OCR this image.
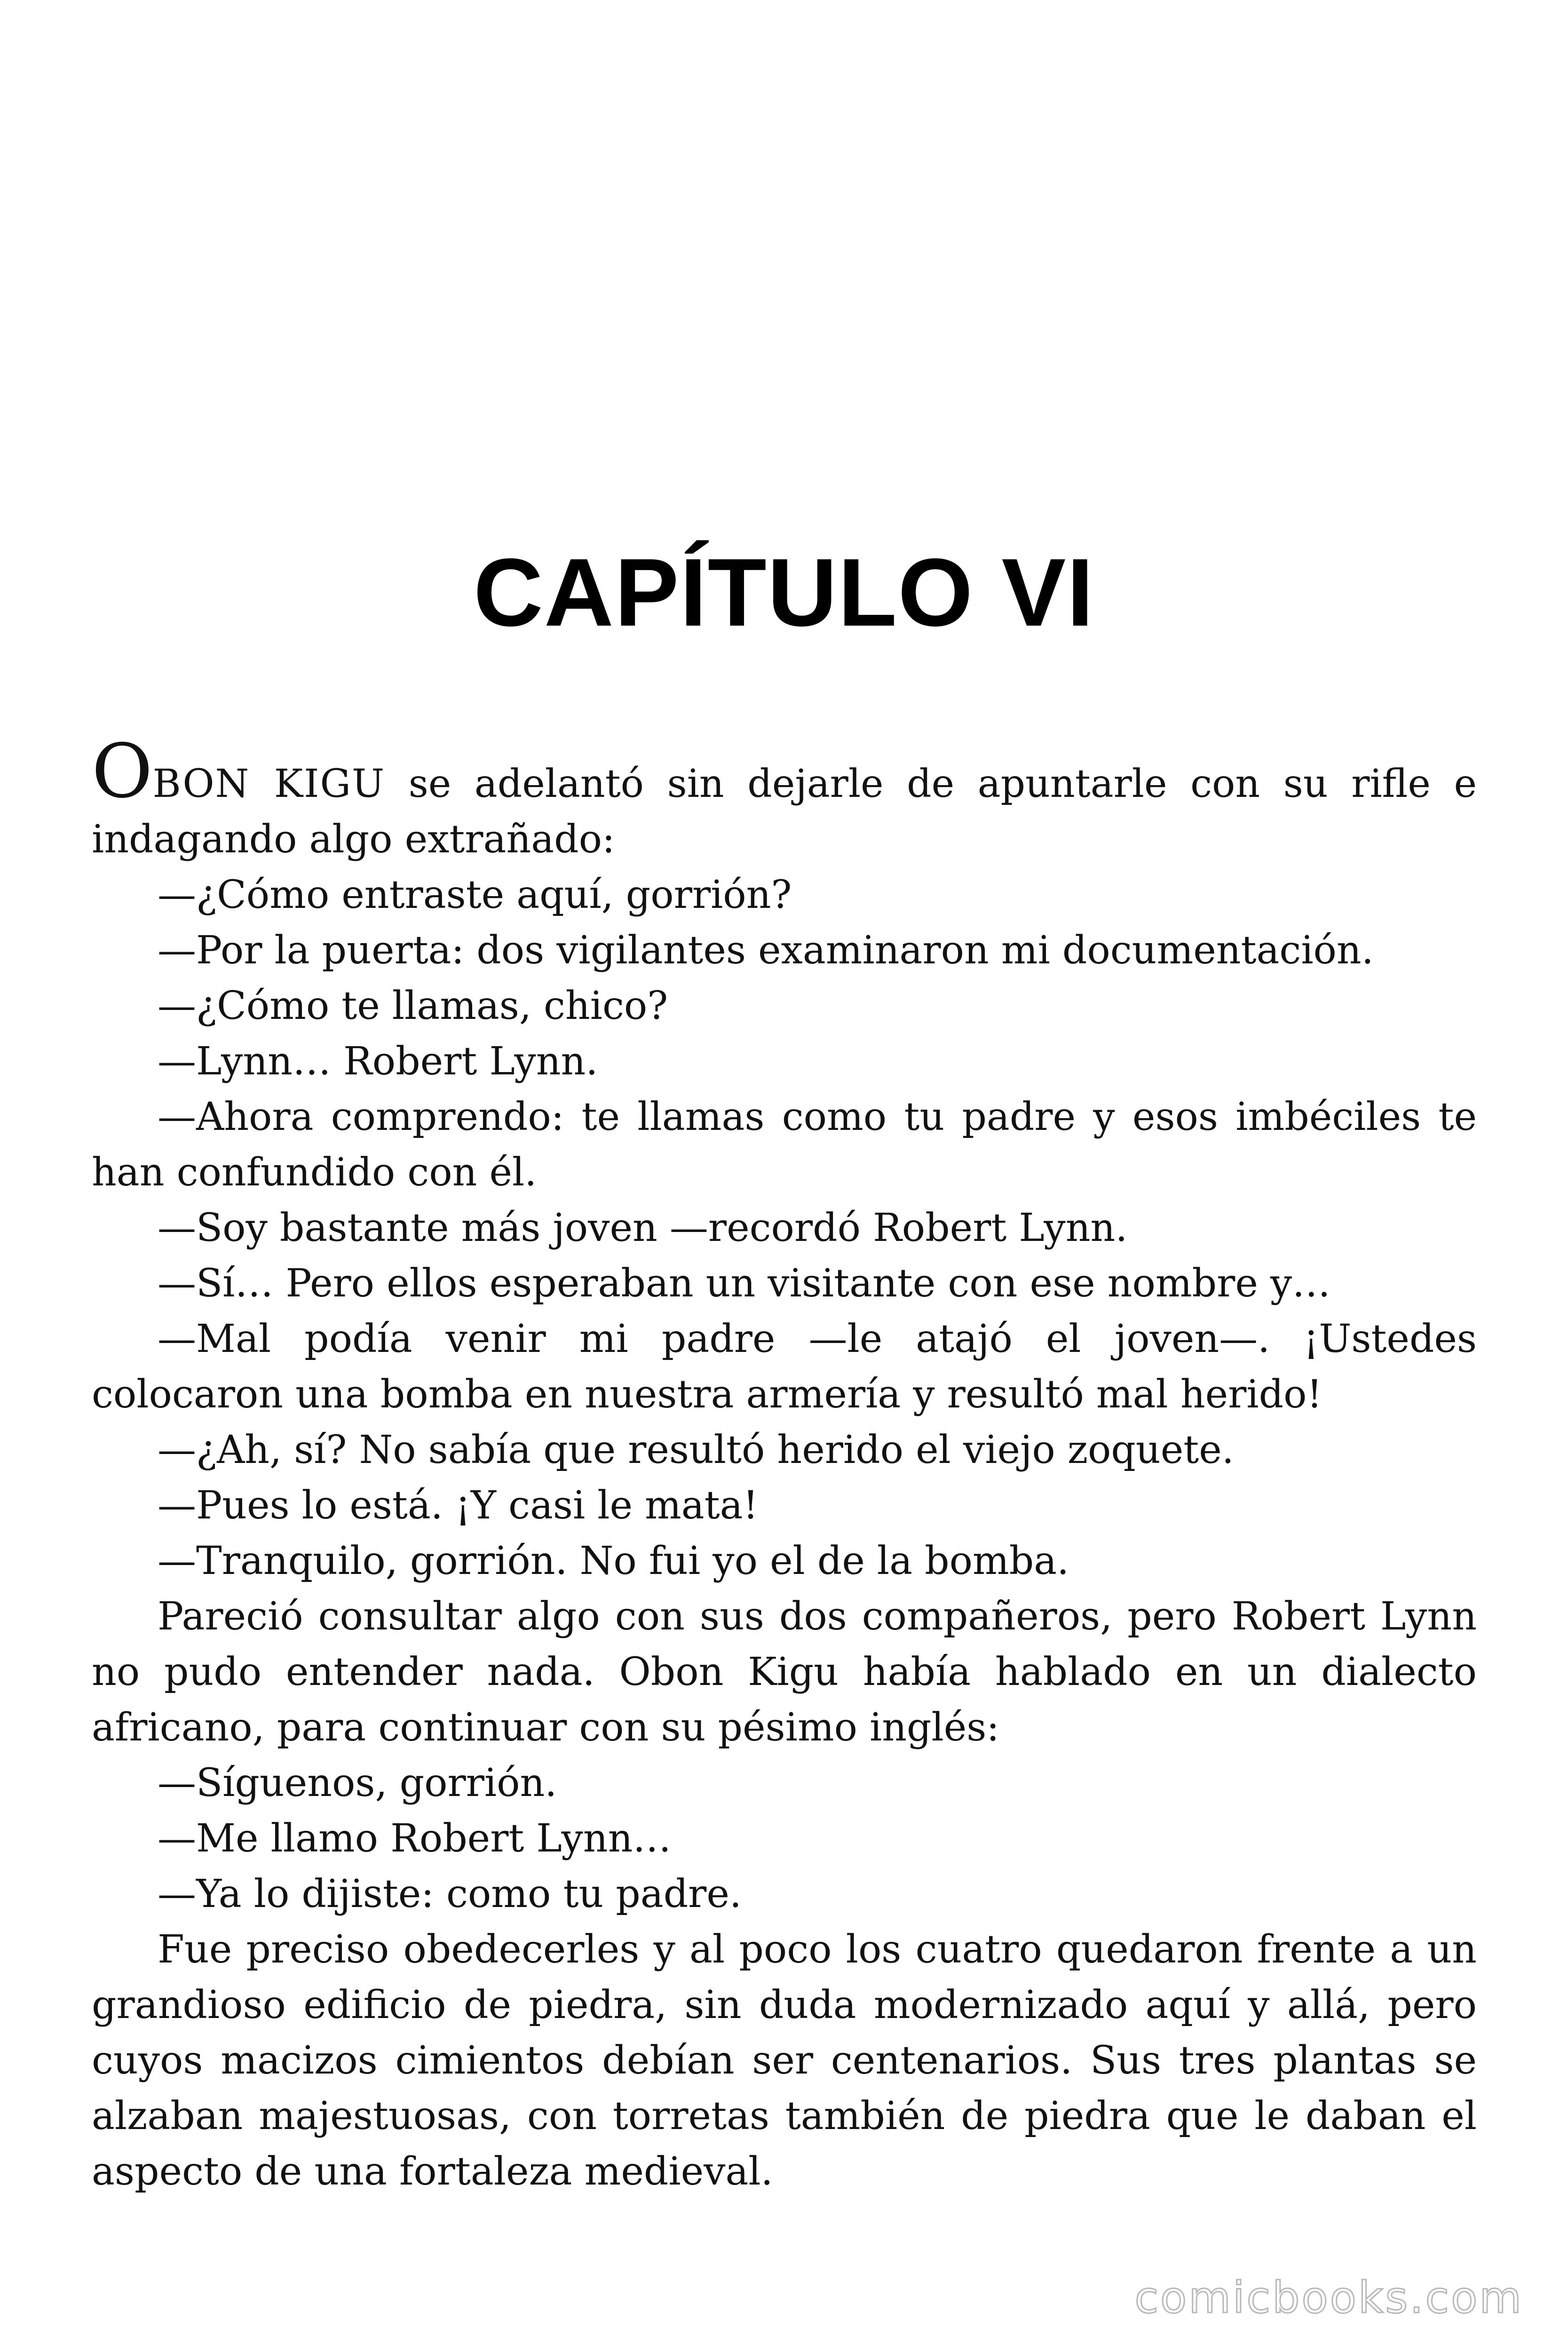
CAPÍTULO VI

OBON KIGU se adelantó sin dejarle de apuntarle con su rifle e indagando algo extrañado:

—¿Cómo entraste aquí, gorrión?

—Por la puerta: dos vigilantes examinaron mi documentación.

—¿Cómo te llamas, chico?

—Lynn… Robert Lynn.

—Ahora comprendo: te llamas como tu padre y esos imbéciles te han confundido con él.

—Soy bastante más joven —recordó Robert Lynn.

—Sí… Pero ellos esperaban un visitante con ese nombre y…

—Mal podía venir mi padre —le atajó el joven—. ¡Ustedes colocaron una bomba en nuestra armería y resultó mal herido!

—¿Ah, sí? No sabía que resultó herido el viejo zoquete.

—Pues lo está. ¡Y casi le mata!

—Tranquilo, gorrión. No fui yo el de la bomba.

Pareció consultar algo con sus dos compañeros, pero Robert Lynn no pudo entender nada. Obon Kigu había hablado en un dialecto africano, para continuar con su pésimo inglés:

—Síguenos, gorrión.

—Me llamo Robert Lynn…

—Ya lo dijiste: como tu padre.

Fue preciso obedecerles y al poco los cuatro quedaron frente a un grandioso edificio de piedra, sin duda modernizado aquí y allá, pero cuyos macizos cimientos debían ser centenarios. Sus tres plantas se alzaban majestuosas, con torretas también de piedra que le daban el aspecto de una fortaleza medieval.

comicbooks.com
